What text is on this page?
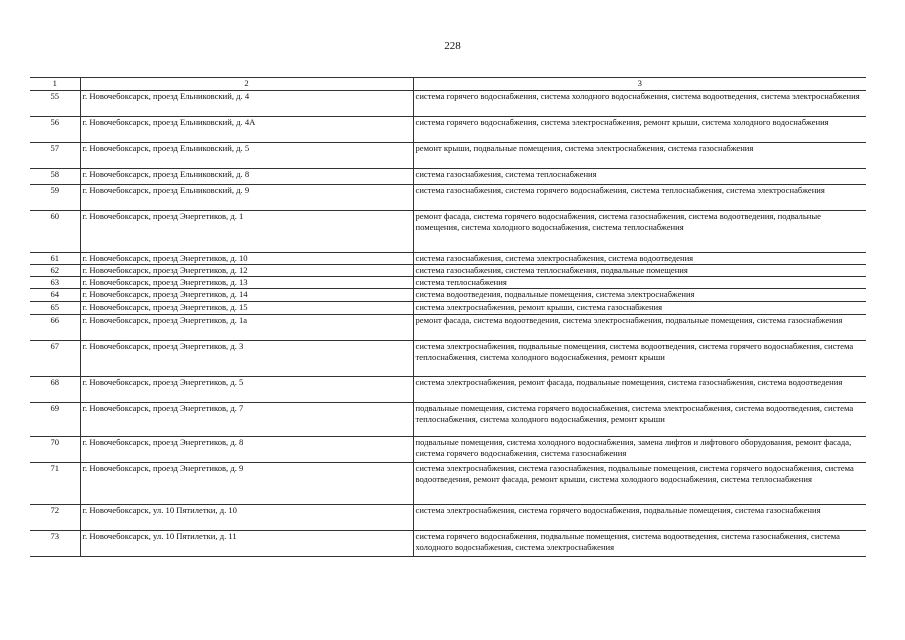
228
1	2	3
55	г. Новочебоксарск, проезд Ельниковский, д. 4	система горячего водоснабжения, система холодного водоснабжения, система водоотведения, система электроснабжения
56	г. Новочебоксарск, проезд Ельниковский, д. 4А	система горячего водоснабжения, система электроснабжения, ремонт крыши, система холодного водоснабжения
57	г. Новочебоксарск, проезд Ельниковский, д. 5	ремонт крыши, подвальные помещения, система электроснабжения, система газоснабжения
58	г. Новочебоксарск, проезд Ельниковский, д. 8	система газоснабжения, система теплоснабжения
59	г. Новочебоксарск, проезд Ельниковский, д. 9	система газоснабжения, система горячего водоснабжения, система теплоснабжения, система электроснабжения
60	г. Новочебоксарск, проезд Энергетиков, д. 1	ремонт фасада, система горячего водоснабжения, система газоснабжения, система водоотведения, подвальные помещения, система холодного водоснабжения, система теплоснабжения
61	г. Новочебоксарск, проезд Энергетиков, д. 10	система газоснабжения, система электроснабжения, система водоотведения
62	г. Новочебоксарск, проезд Энергетиков, д. 12	система газоснабжения, система теплоснабжения, подвальные помещения
63	г. Новочебоксарск, проезд Энергетиков, д. 13	система теплоснабжения
64	г. Новочебоксарск, проезд Энергетиков, д. 14	система водоотведения, подвальные помещения, система электроснабжения
65	г. Новочебоксарск, проезд Энергетиков, д. 15	система электроснабжения, ремонт крыши, система газоснабжения
66	г. Новочебоксарск, проезд Энергетиков, д. 1а	ремонт фасада, система водоотведения, система электроснабжения, подвальные помещения, система газоснабжения
67	г. Новочебоксарск, проезд Энергетиков, д. 3	система электроснабжения, подвальные помещения, система водоотведения, система горячего водоснабжения, система теплоснабжения, система холодного водоснабжения, ремонт крыши
68	г. Новочебоксарск, проезд Энергетиков, д. 5	система электроснабжения, ремонт фасада, подвальные помещения, система газоснабжения, система водоотведения
69	г. Новочебоксарск, проезд Энергетиков, д. 7	подвальные помещения, система горячего водоснабжения, система электроснабжения, система водоотведения, система теплоснабжения, система холодного водоснабжения, ремонт крыши
70	г. Новочебоксарск, проезд Энергетиков, д. 8	подвальные помещения, система холодного водоснабжения, замена лифтов и лифтового оборудования, ремонт фасада, система горячего водоснабжения, система газоснабжения
71	г. Новочебоксарск, проезд Энергетиков, д. 9	система электроснабжения, система газоснабжения, подвальные помещения, система горячего водоснабжения, система водоотведения, ремонт фасада, ремонт крыши, система холодного водоснабжения, система теплоснабжения
72	г. Новочебоксарск, ул. 10 Пятилетки, д. 10	система электроснабжения, система горячего водоснабжения, подвальные помещения, система газоснабжения
73	г. Новочебоксарск, ул. 10 Пятилетки, д. 11	система горячего водоснабжения, подвальные помещения, система водоотведения, система газоснабжения, система холодного водоснабжения, система электроснабжения
